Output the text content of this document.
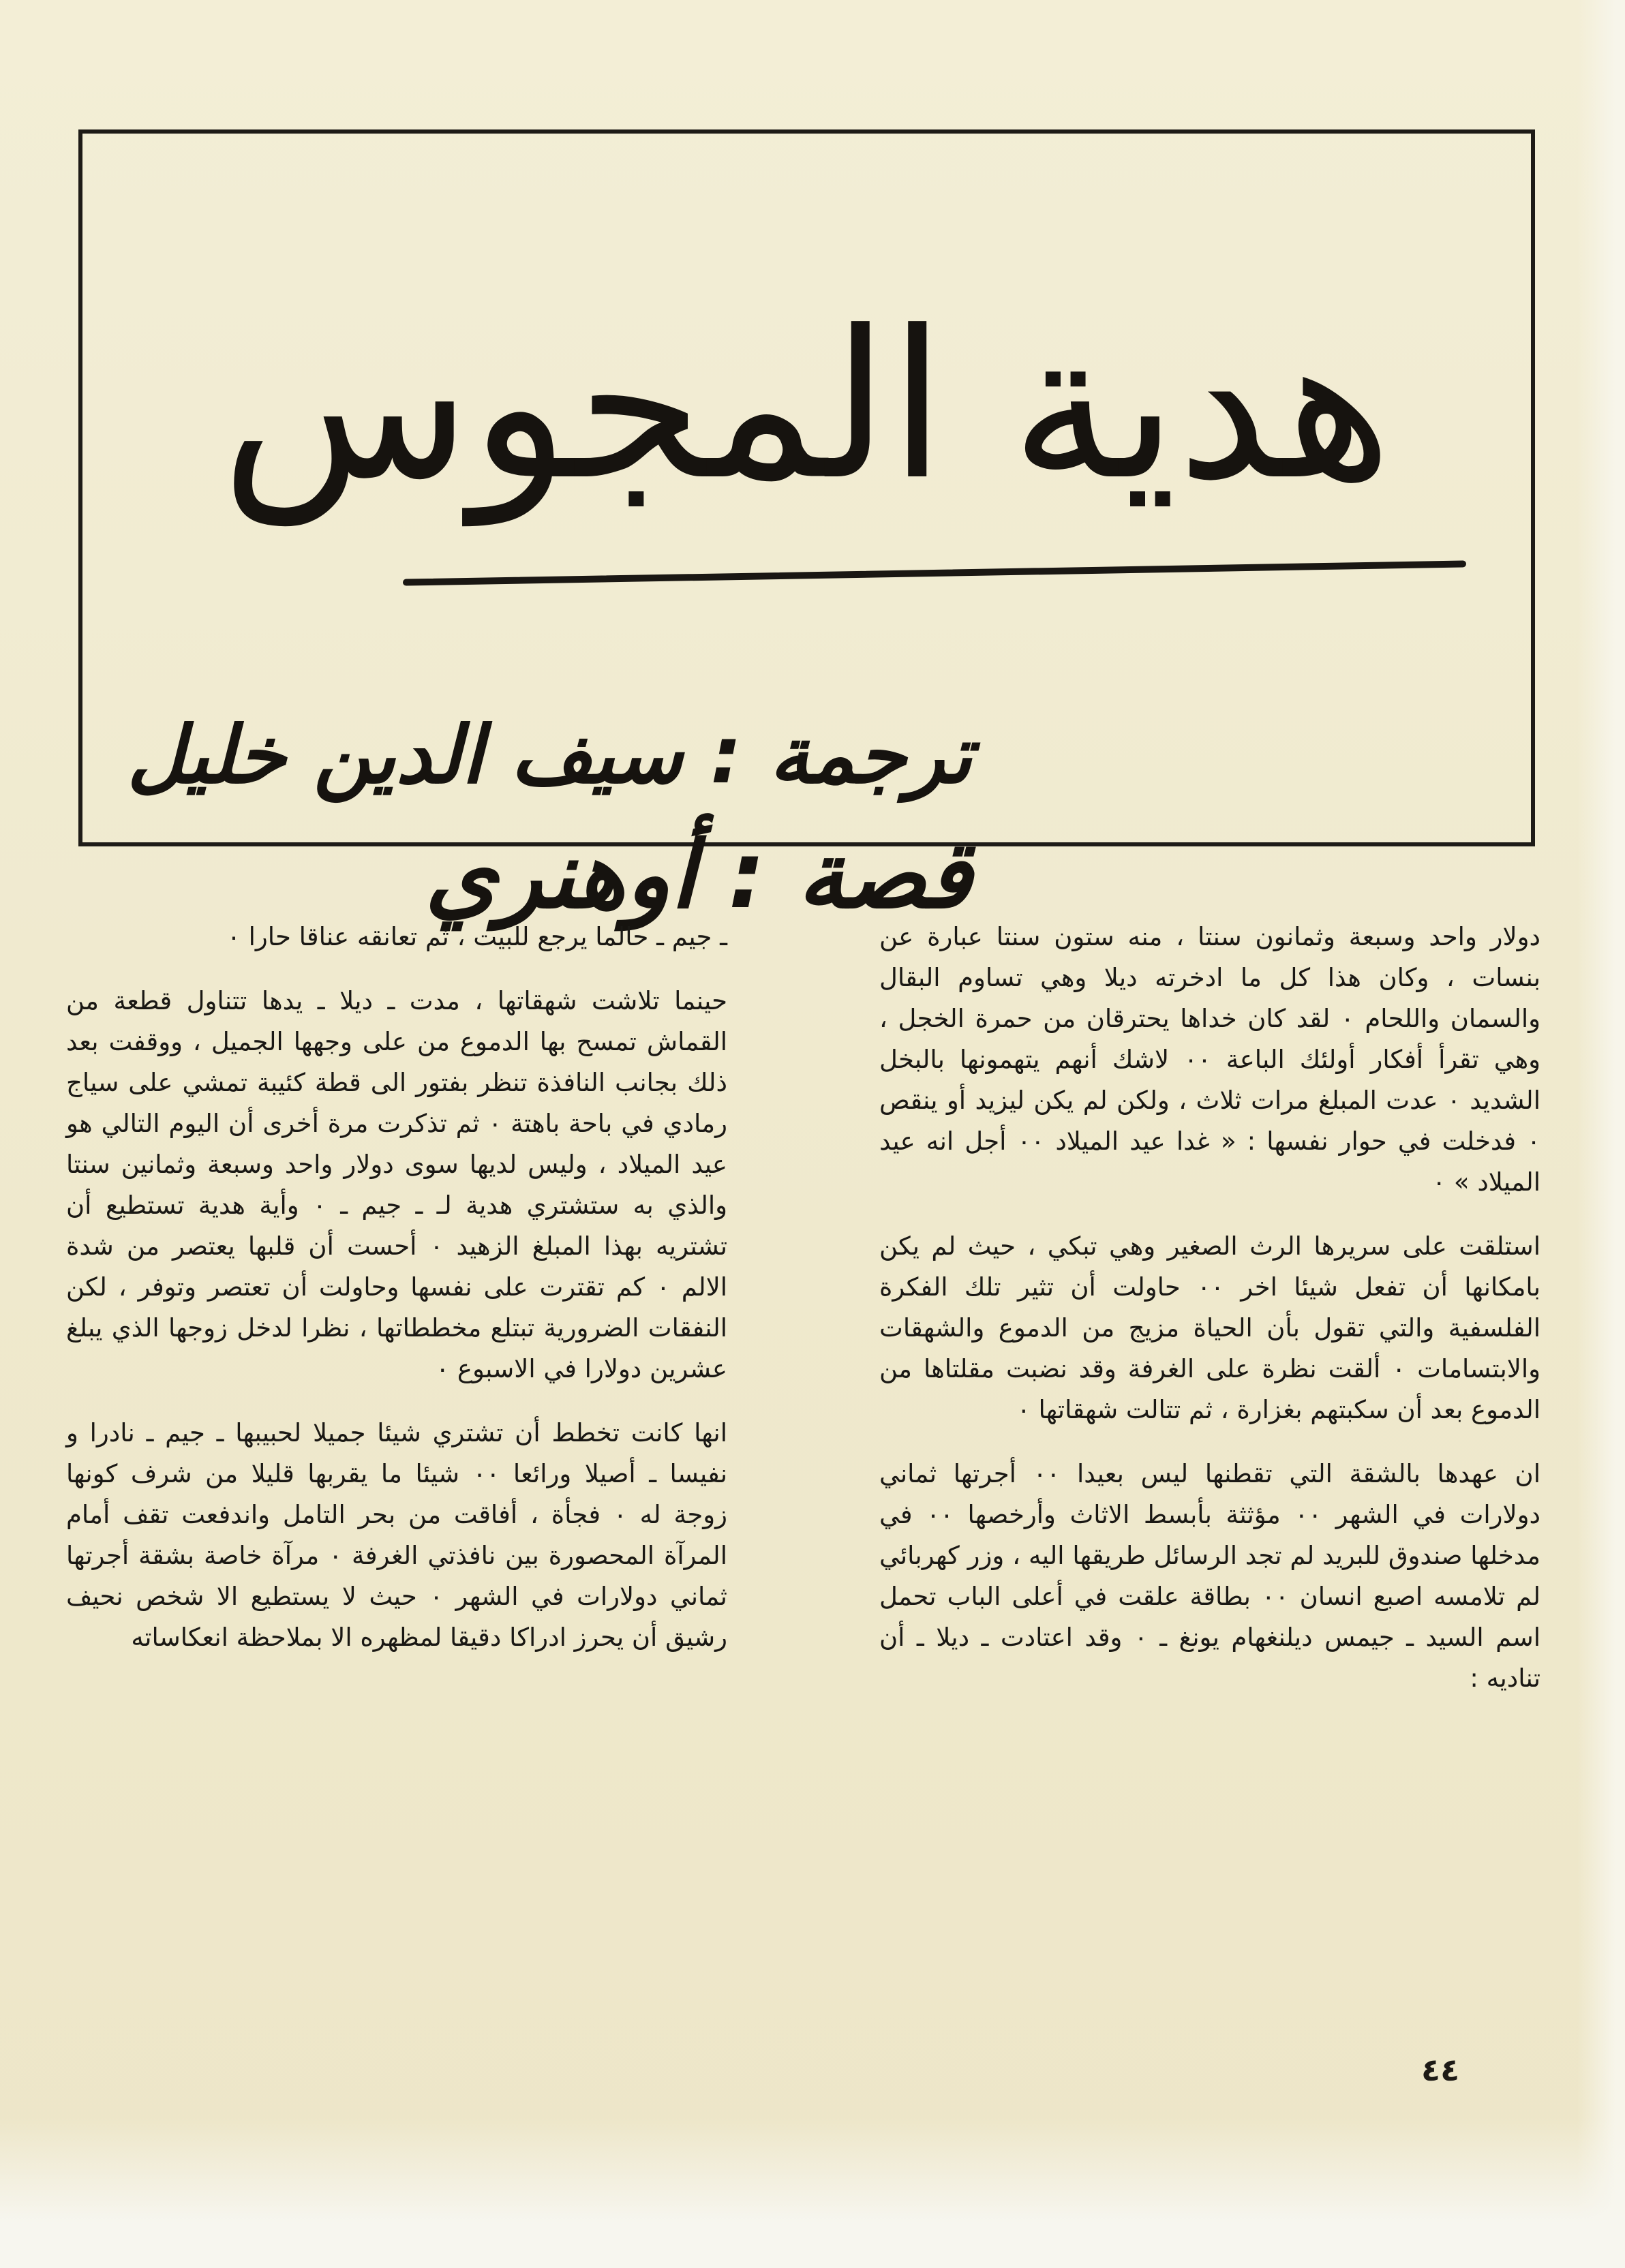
هدية المجوس
ترجمة : سيف الدين خليل
قصة : أوهنري

دولار واحد وسبعة وثمانون سنتا ، منه ستون سنتا عبارة عن بنسات ، وكان هذا كل ما ادخرته ديلا وهي تساوم البقال والسمان واللحام ۰ لقد كان خداها يحترقان من حمرة الخجل ، وهي تقرأ أفكار أولئك الباعة ۰۰ لاشك أنهم يتهمونها بالبخل الشديد ۰ عدت المبلغ مرات ثلاث ، ولكن لم يكن ليزيد أو ينقص ۰ فدخلت في حوار نفسها : « غدا عيد الميلاد ۰۰ أجل انه عيد الميلاد » ۰

استلقت على سريرها الرث الصغير وهي تبكي ، حيث لم يكن بامكانها أن تفعل شيئا اخر ۰۰ حاولت أن تثير تلك الفكرة الفلسفية والتي تقول بأن الحياة مزيج من الدموع والشهقات والابتسامات ۰ ألقت نظرة على الغرفة وقد نضبت مقلتاها من الدموع بعد أن سكبتهم بغزارة ، ثم تتالت شهقاتها ۰

ان عهدها بالشقة التي تقطنها ليس بعيدا ۰۰ أجرتها ثماني دولارات في الشهر ۰۰ مؤثثة بأبسط الاثاث وأرخصها ۰۰ في مدخلها صندوق للبريد لم تجد الرسائل طريقها اليه ، وزر كهربائي لم تلامسه اصبع انسان ۰۰ بطاقة علقت في أعلى الباب تحمل اسم السيد ـ جيمس ديلنغهام يونغ ـ ۰ وقد اعتادت ـ ديلا ـ أن تناديه :

ـ جيم ـ حالما يرجع للبيت ، ثم تعانقه عناقا حارا ۰

حينما تلاشت شهقاتها ، مدت ـ ديلا ـ يدها تتناول قطعة من القماش تمسح بها الدموع من على وجهها الجميل ، ووقفت بعد ذلك بجانب النافذة تنظر بفتور الى قطة كئيبة تمشي على سياج رمادي في باحة باهتة ۰ ثم تذكرت مرة أخرى أن اليوم التالي هو عيد الميلاد ، وليس لديها سوى دولار واحد وسبعة وثمانين سنتا والذي به ستشتري هدية لـ ـ جيم ـ ۰ وأية هدية تستطيع أن تشتريه بهذا المبلغ الزهيد ۰ أحست أن قلبها يعتصر من شدة الالم ۰ كم تقترت على نفسها وحاولت أن تعتصر وتوفر ، لكن النفقات الضرورية تبتلع مخططاتها ، نظرا لدخل زوجها الذي يبلغ عشرين دولارا في الاسبوع ۰

انها كانت تخطط أن تشتري شيئا جميلا لحبيبها ـ جيم ـ نادرا و نفيسا ـ أصيلا ورائعا ۰۰ شيئا ما يقربها قليلا من شرف كونها زوجة له ۰ فجأة ، أفاقت من بحر التامل واندفعت تقف أمام المرآة المحصورة بين نافذتي الغرفة ۰ مرآة خاصة بشقة أجرتها ثماني دولارات في الشهر ۰ حيث لا يستطيع الا شخص نحيف رشيق أن يحرز ادراكا دقيقا لمظهره الا بملاحظة انعكاساته

٤٤
